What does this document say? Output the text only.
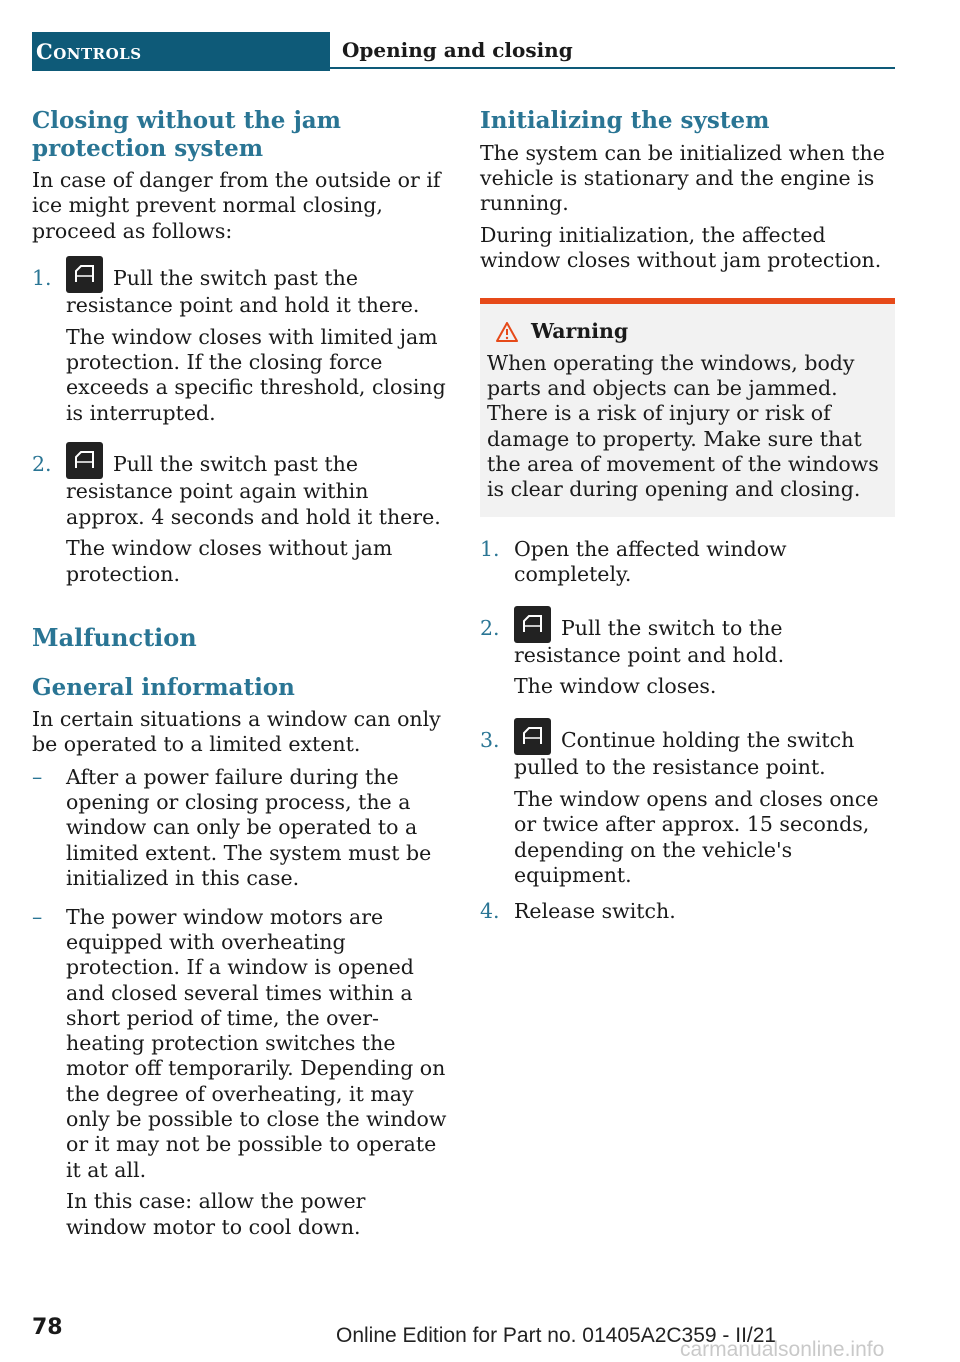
Controls	Opening and closing
Closing without the jam protection system

In case of danger from the outside or if ice might prevent normal closing, proceed as follows:

1.	Pull the switch past the resistance point and hold it there.

The window closes with limited jam protection. If the closing force exceeds a specific threshold, closing is interrupted.

2.	Pull the switch past the resistance point again within approx. 4 seconds and hold it there.

The window closes without jam protection.

Malfunction
General information

In certain situations a window can only be operated to a limited extent.

–	After a power failure during the opening or closing process, the a window can only be operated to a limited extent. The system must be initialized in this case.

–	The power window motors are equipped with overheating protection. If a window is opened and closed several times within a short period of time, the overheating protection switches the motor off temporarily. Depending on the degree of overheating, it may only be possible to close the window or it may not be possible to operate it at all.

In this case: allow the power window motor to cool down.

Initializing the system

The system can be initialized when the vehicle is stationary and the engine is running.

During initialization, the affected window closes without jam protection.

Warning
When operating the windows, body parts and objects can be jammed. There is a risk of injury or risk of damage to property. Make sure that the area of movement of the windows is clear during opening and closing.
1. Open the affected window completely.

2.	Pull the switch to the resistance point and hold.

The window closes.

3.	Continue holding the switch pulled to the resistance point.

The window opens and closes once or twice after approx. 15 seconds, depending on the vehicle's equipment.

4. Release switch.

78	Online Edition for Part no. 01405A2C359 - II/21
carmanualsonline.info
